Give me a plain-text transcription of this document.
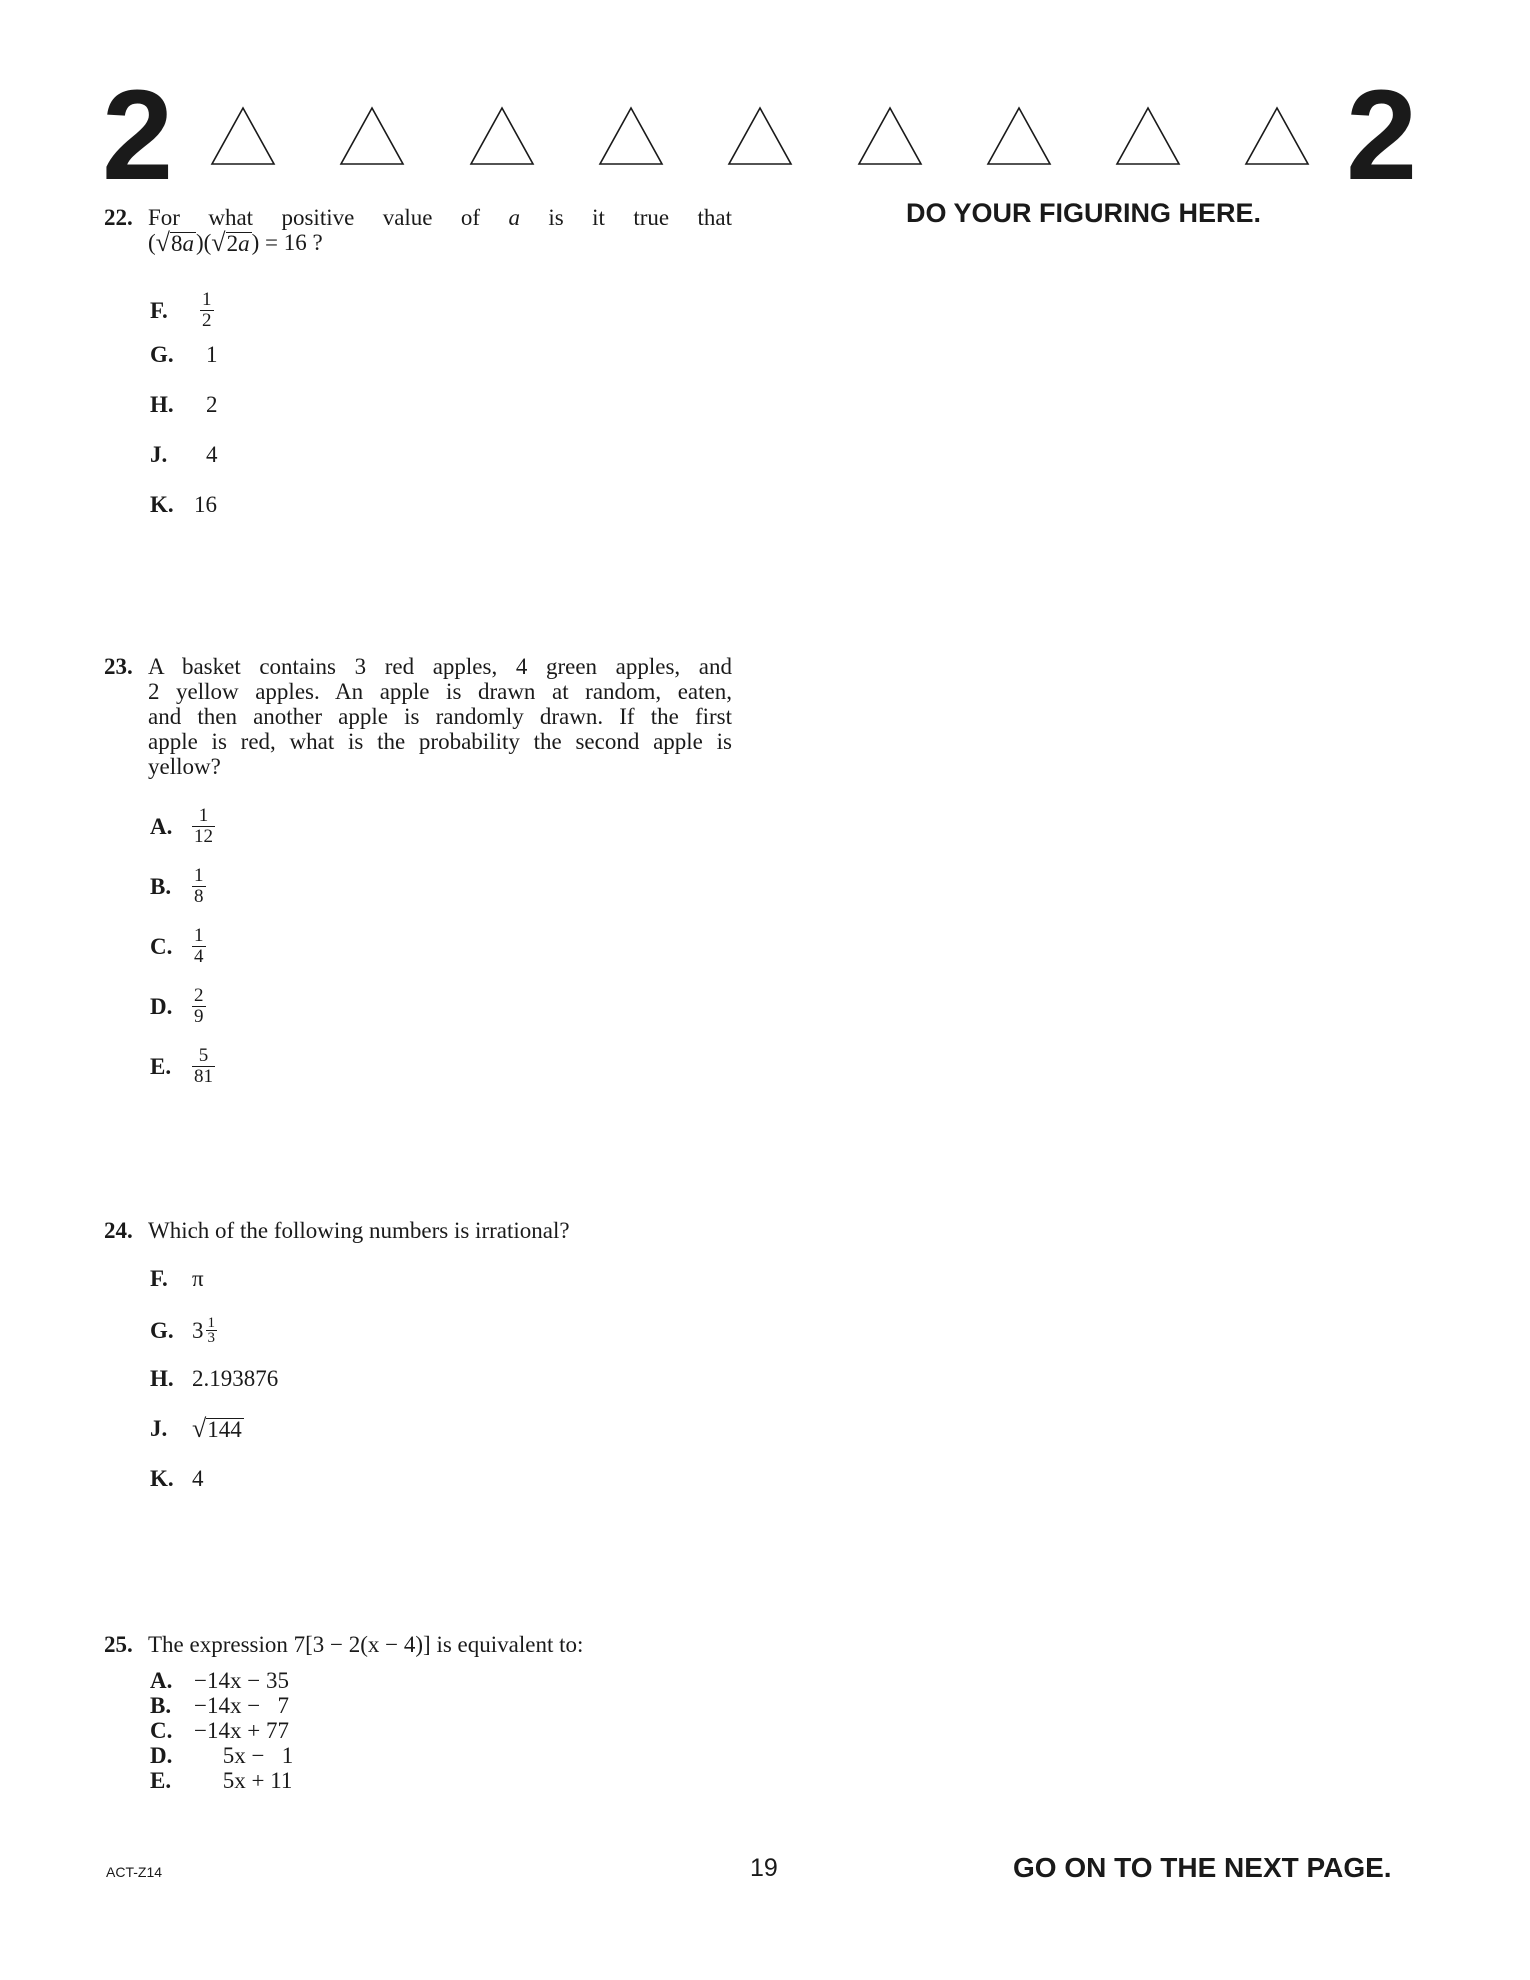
2	2
DO YOUR FIGURING HERE.
22. For what positive value of a is it true that
( √ 8a )( √ 2a ) = 16 ?
F.	$\frac{1}{2}$
G.	1
H.	2
J.	4
K. 16
23. A basket contains 3 red apples, 4 green apples, and
2 yellow apples. An apple is drawn at random, eaten,
and then another apple is randomly drawn. If the first
apple is red, what is the probability the second apple is
yellow?
A.	$\frac{1}{12}$
B.	$\frac{1}{8}$
C.	$\frac{1}{4}$
D.	$\frac{2}{9}$
E.	$\frac{5}{81}$
24. Which of the following numbers is irrational?
F.	π
G. $3 \frac{1}{3}$
H. 2.193876
J. √ 144
K. 4
25. The expression 7[3 − 2(x − 4)] is equivalent to:
A. −14x − 35
B. −14x −   7
C. −14x + 77
D.     5x −   1
E.     5x + 11
ACT-Z14	19	GO ON TO THE NEXT PAGE.
